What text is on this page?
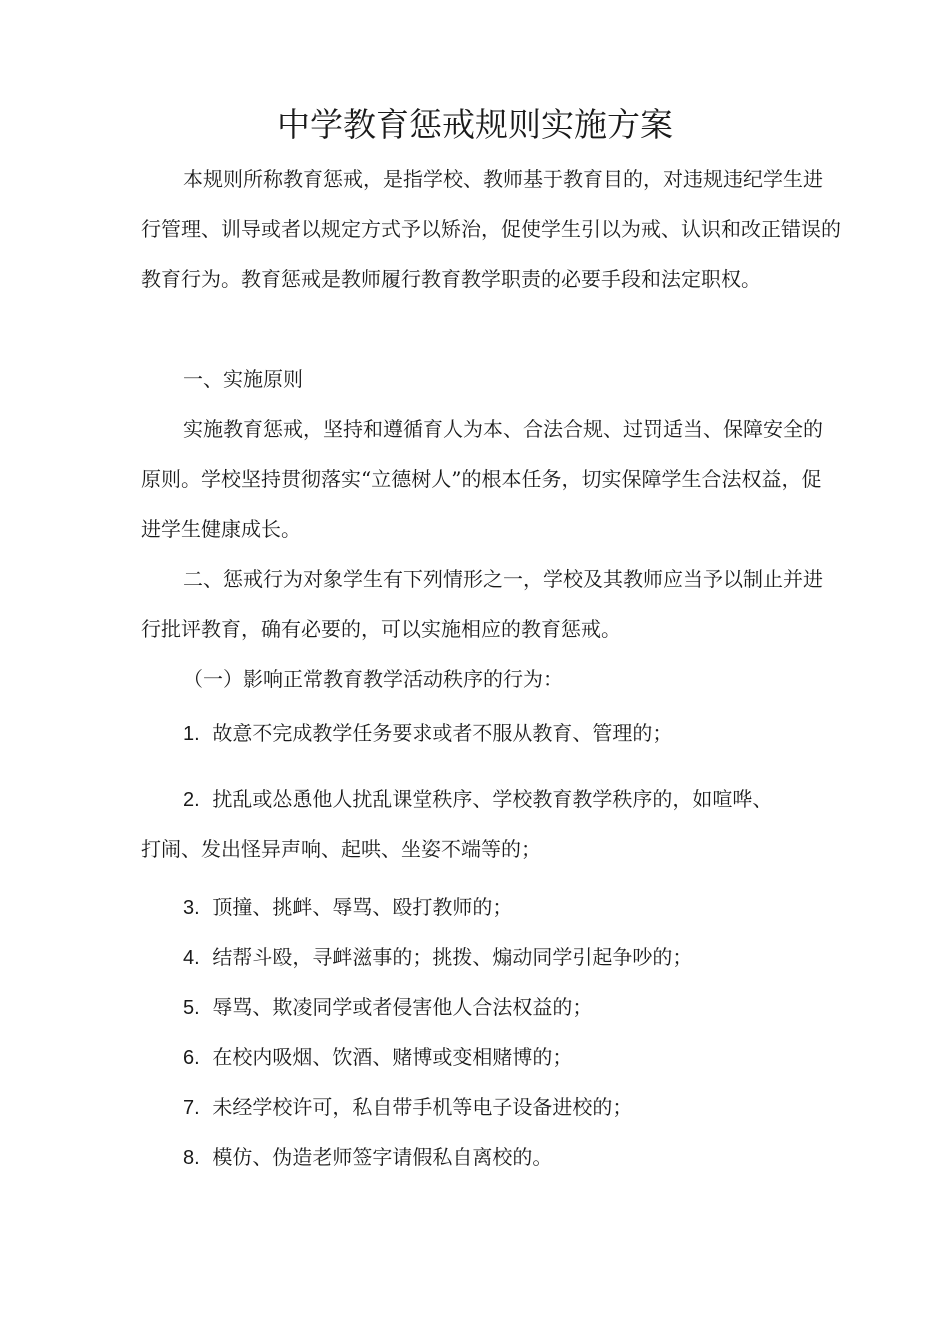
中学教育惩戒规则实施方案

本规则所称教育惩戒，是指学校、教师基于教育目的，对违规违纪学生进行管理、训导或者以规定方式予以矫治，促使学生引以为戒、认识和改正错误的教育行为。教育惩戒是教师履行教育教学职责的必要手段和法定职权。

一、实施原则

实施教育惩戒，坚持和遵循育人为本、合法合规、过罚适当、保障安全的原则。学校坚持贯彻落实“立德树人”的根本任务，切实保障学生合法权益，促进学生健康成长。

二、惩戒行为对象学生有下列情形之一，学校及其教师应当予以制止并进行批评教育，确有必要的，可以实施相应的教育惩戒。

（一）影响正常教育教学活动秩序的行为：

1. 故意不完成教学任务要求或者不服从教育、管理的；

2. 扰乱或怂恿他人扰乱课堂秩序、学校教育教学秩序的，如喧哗、

打闹、发出怪异声响、起哄、坐姿不端等的；

3. 顶撞、挑衅、辱骂、殴打教师的；

4. 结帮斗殴，寻衅滋事的；挑拨、煽动同学引起争吵的；

5. 辱骂、欺凌同学或者侵害他人合法权益的；

6. 在校内吸烟、饮酒、赌博或变相赌博的；

7. 未经学校许可，私自带手机等电子设备进校的；

8. 模仿、伪造老师签字请假私自离校的。
